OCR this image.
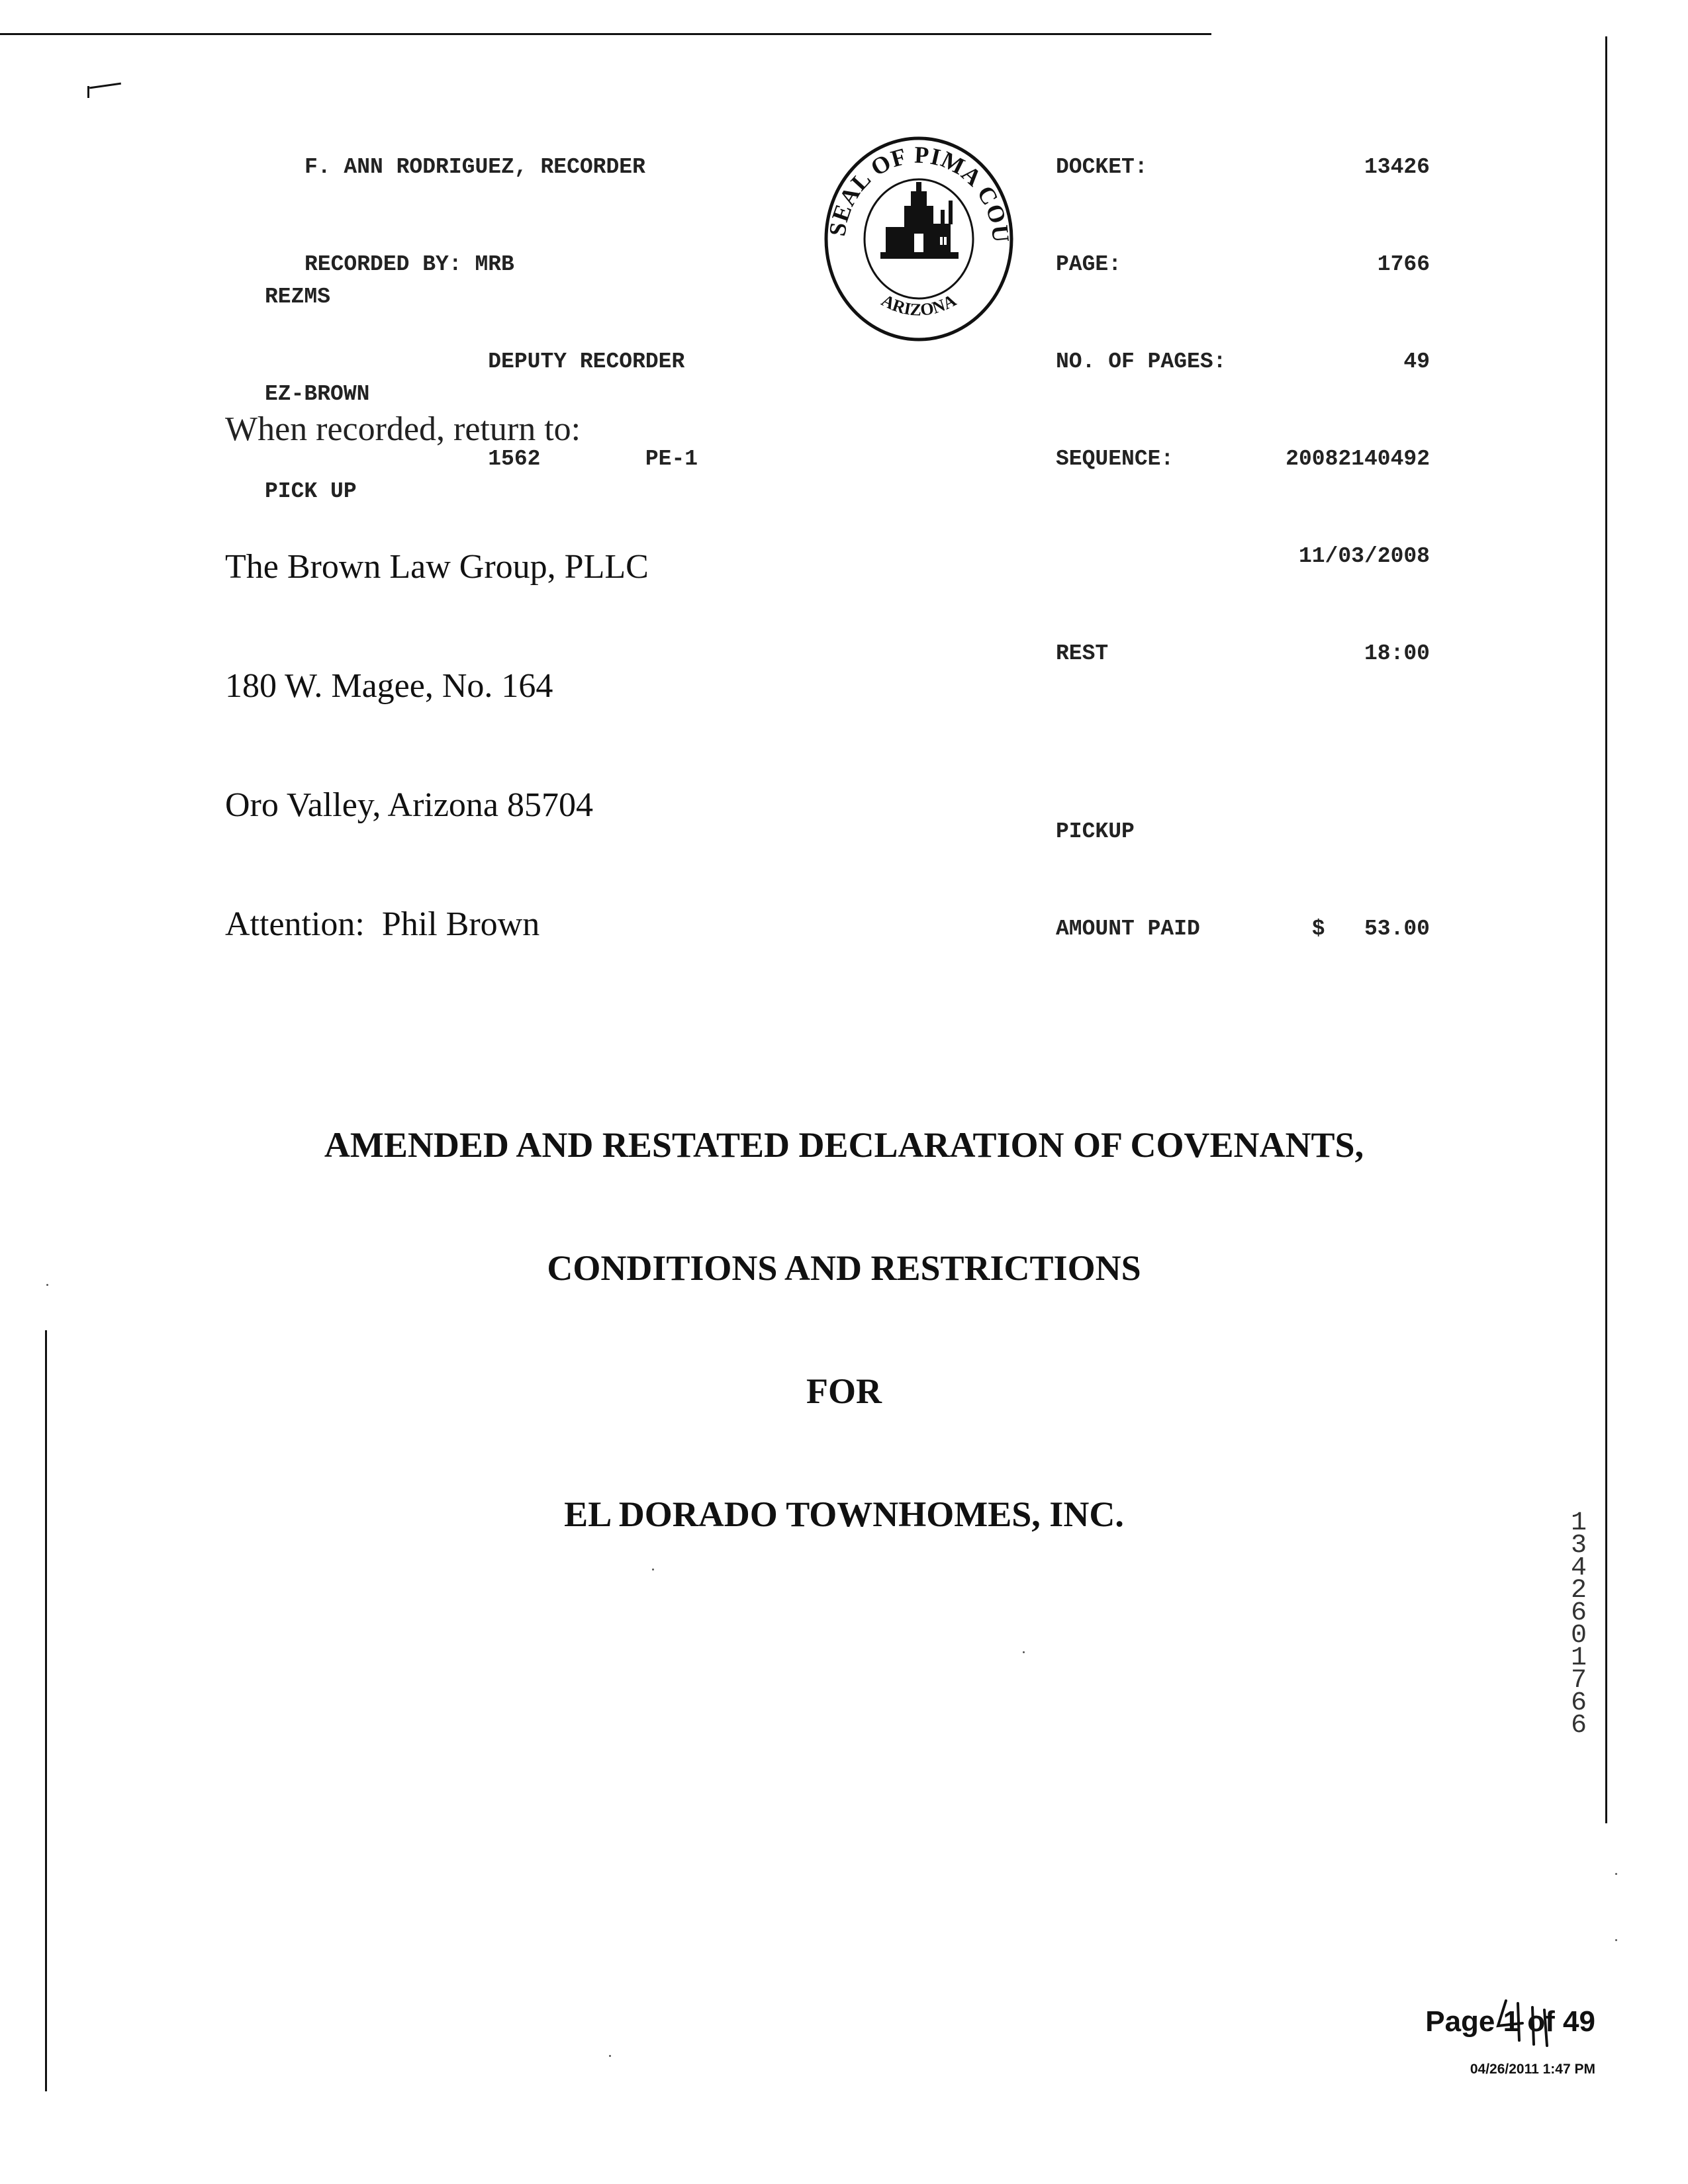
F. ANN RODRIGUEZ, RECORDER

RECORDED BY: MRB

DEPUTY RECORDER

1562        PE-1

REZMS

EZ-BROWN

PICK UP

SEAL OF PIMA COU
ARIZONA

DOCKET:	13426

PAGE:	1766

NO. OF PAGES:	49

SEQUENCE:	20082140492

11/03/2008

REST	18:00

PICKUP

AMOUNT PAID	$ 53.00

When recorded, return to:

The Brown Law Group, PLLC

180 W. Magee, No. 164

Oro Valley, Arizona 85704

Attention:  Phil Brown

AMENDED AND RESTATED DECLARATION OF COVENANTS,

CONDITIONS AND RESTRICTIONS

FOR

EL DORADO TOWNHOMES, INC.	13426 01766

Page 1 of 49

04/26/2011 1:47 PM
